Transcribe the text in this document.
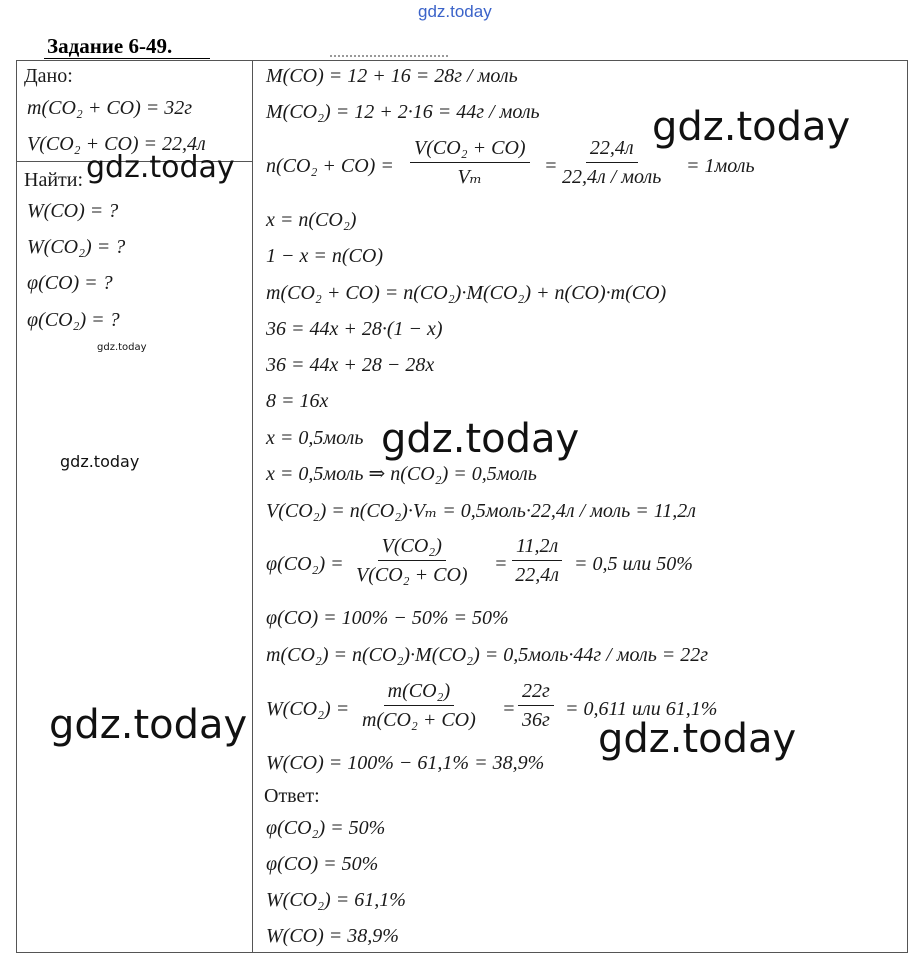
gdz.today
Задание 6-49.
Дано:
m(CO₂ + CO) = 32г
V(CO₂ + CO) = 22,4л
Найти:
W(CO) = ?
W(CO₂) = ?
φ(CO) = ?
φ(CO₂) = ?
M(CO) = 12 + 16 = 28г / моль
M(CO₂) = 12 + 2·16 = 44г / моль
$n(CO_2 + CO) = \frac{\text{V(CO₂ + CO)}}{\text{Vₘ}}$ =
22,4л
22,4л / моль = 1моль
x = n(CO₂)
1 − x = n(CO)
m(CO₂ + CO) = n(CO₂)·M(CO₂) + n(CO)·m(CO)
36 = 44x + 28·(1 − x)
36 = 44x + 28 − 28x
8 = 16x
x = 0,5моль
x = 0,5моль ⇒ n(CO₂) = 0,5моль
V(CO₂) = n(CO₂)·Vₘ = 0,5моль·22,4л / моль = 11,2л
$\varphi(CO_2) = \frac{\text{V(CO₂)}}{\text{V(CO₂ + CO)}}$ =
11,2л
22,4л = 0,5 или 50%
φ(CO) = 100% − 50% = 50%
m(CO₂) = n(CO₂)·M(CO₂) = 0,5моль·44г / моль = 22г
$W(CO_2) = \frac{\text{m(CO₂)}}{\text{m(CO₂ + CO)}}$ =
22г
36г = 0,611 или 61,1%
W(CO) = 100% − 61,1% = 38,9%
Ответ:
φ(CO₂) = 50%
φ(CO) = 50%
W(CO₂) = 61,1%
W(CO) = 38,9%
gdz.today
gdz.today
gdz.today
gdz.today	gdz.today
gdz.today	gdz.today
